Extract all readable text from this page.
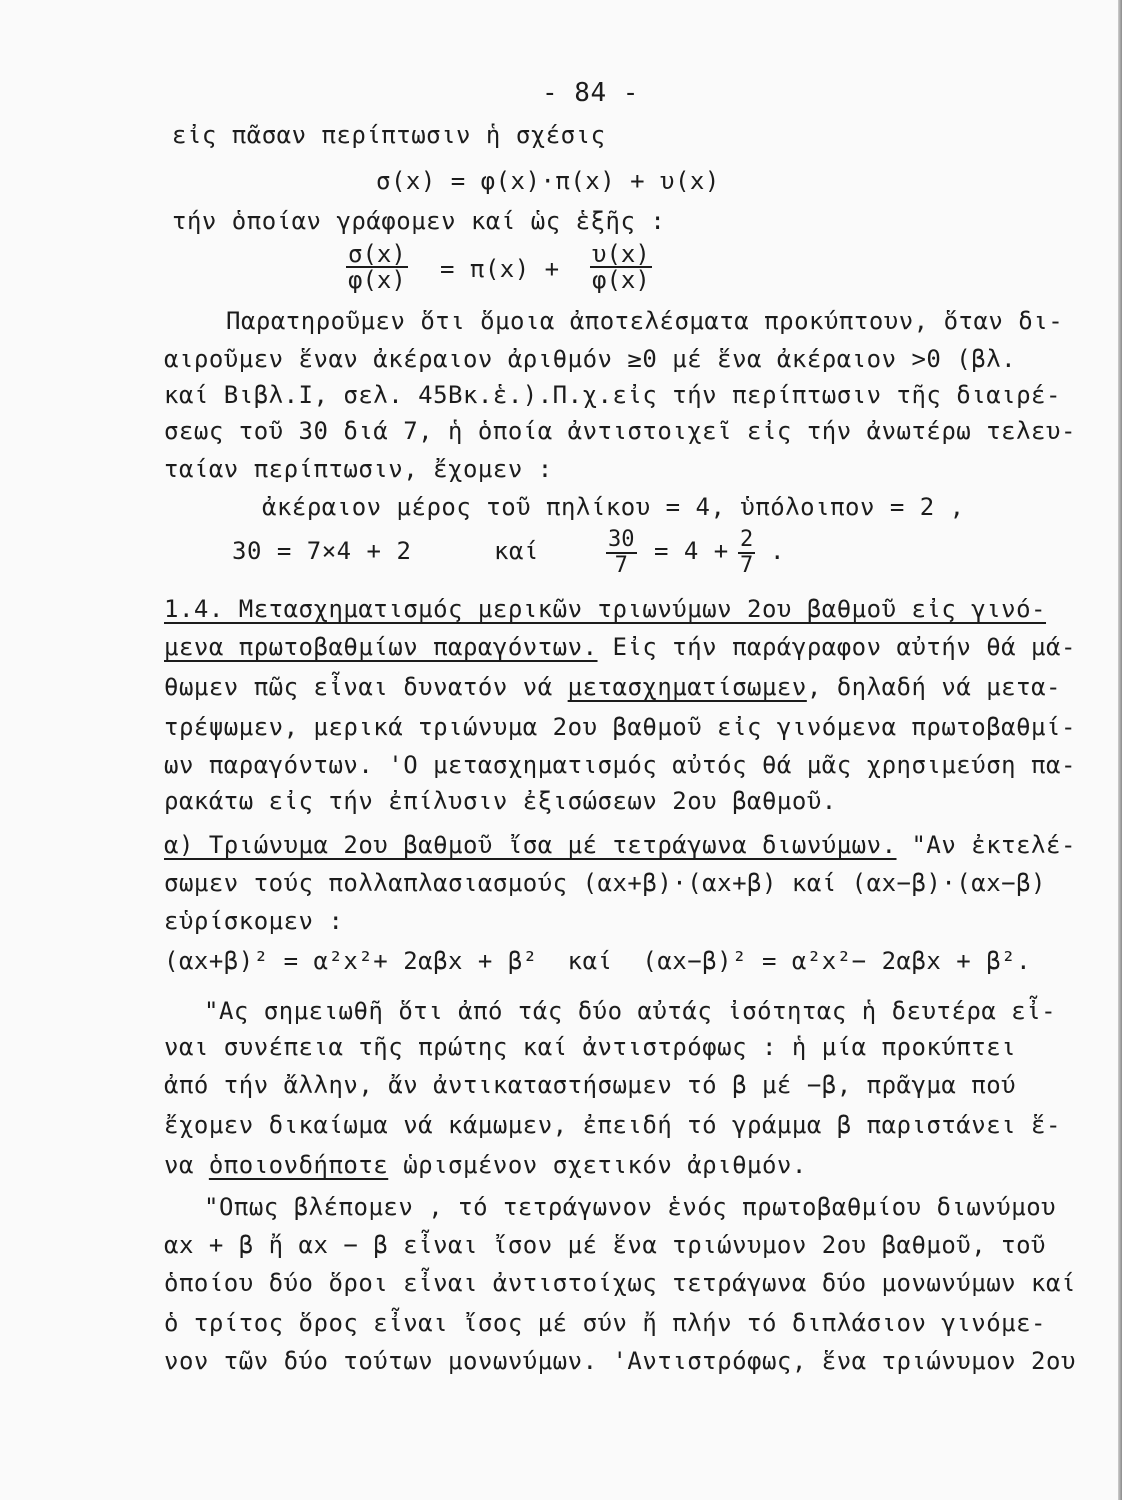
- 84 -
εἰς πᾶσαν περίπτωσιν ἡ σχέσις
σ(x) = φ(x)·π(x) + υ(x)
τήν ὁποίαν γράφομεν καί ὡς ἑξῆς :
$\frac{\sigma(x)}{\varphi(x)} = \pi(x) + \frac{\upsilon(x)}{\varphi(x)}$
Παρατηροῦμεν ὅτι ὅμοια ἀποτελέσματα προκύπτουν, ὅταν δι-
αιροῦμεν ἕναν ἀκέραιον ἀριθμόν ≥0 μέ ἕνα ἀκέραιον >0 (βλ.
καί Βιβλ.Ι, σελ. 45Βκ.ἑ.).Π.χ.εἰς τήν περίπτωσιν τῆς διαιρέ-
σεως τοῦ 30 διά 7, ἡ ὁποία ἀντιστοιχεῖ εἰς τήν ἀνωτέρω τελευ-
ταίαν περίπτωσιν, ἔχομεν :
ἀκέραιον μέρος τοῦ πηλίκου = 4, ὑπόλοιπον = 2 ,
30 = 7×4 + 2	καί	$\frac{30}{7} = 4 + \frac{2}{7}$ .
1.4. Μετασχηματισμός μερικῶν τριωνύμων 2ου βαθμοῦ εἰς γινό-
μενα πρωτοβαθμίων παραγόντων. Εἰς τήν παράγραφον αὐτήν θά μά-
θωμεν πῶς εἶναι δυνατόν νά μετασχηματίσωμεν, δηλαδή νά μετα-
τρέψωμεν, μερικά τριώνυμα 2ου βαθμοῦ εἰς γινόμενα πρωτοβαθμί-
ων παραγόντων. 'Ο μετασχηματισμός αὐτός θά μᾶς χρησιμεύση πα-
ρακάτω εἰς τήν ἐπίλυσιν ἐξισώσεων 2ου βαθμοῦ.
α) Τριώνυμα 2ου βαθμοῦ ἴσα μέ τετράγωνα διωνύμων. "Αν ἐκτελέ-
σωμεν τούς πολλαπλασιασμούς (αx+β)·(αx+β) καί (αx−β)·(αx−β)
εὑρίσκομεν :
(αx+β)² = α²x²+ 2αβx + β²  καί  (αx−β)² = α²x²− 2αβx + β².
"Ας σημειωθῆ ὅτι ἀπό τάς δύο αὐτάς ἰσότητας ἡ δευτέρα εἶ-
ναι συνέπεια τῆς πρώτης καί ἀντιστρόφως : ἡ μία προκύπτει
ἀπό τήν ἄλλην, ἄν ἀντικαταστήσωμεν τό β μέ −β, πρᾶγμα πού
ἔχομεν δικαίωμα νά κάμωμεν, ἐπειδή τό γράμμα β παριστάνει ἕ-
να ὁποιονδήποτε ὡρισμένον σχετικόν ἀριθμόν.
"Οπως βλέπομεν , τό τετράγωνον ἑνός πρωτοβαθμίου διωνύμου
αx + β ἤ αx − β εἶναι ἴσον μέ ἕνα τριώνυμον 2ου βαθμοῦ, τοῦ
ὁποίου δύο ὅροι εἶναι ἀντιστοίχως τετράγωνα δύο μονωνύμων καί
ὁ τρίτος ὅρος εἶναι ἴσος μέ σύν ἤ πλήν τό διπλάσιον γινόμε-
νον τῶν δύο τούτων μονωνύμων. 'Αντιστρόφως, ἕνα τριώνυμον 2ου
